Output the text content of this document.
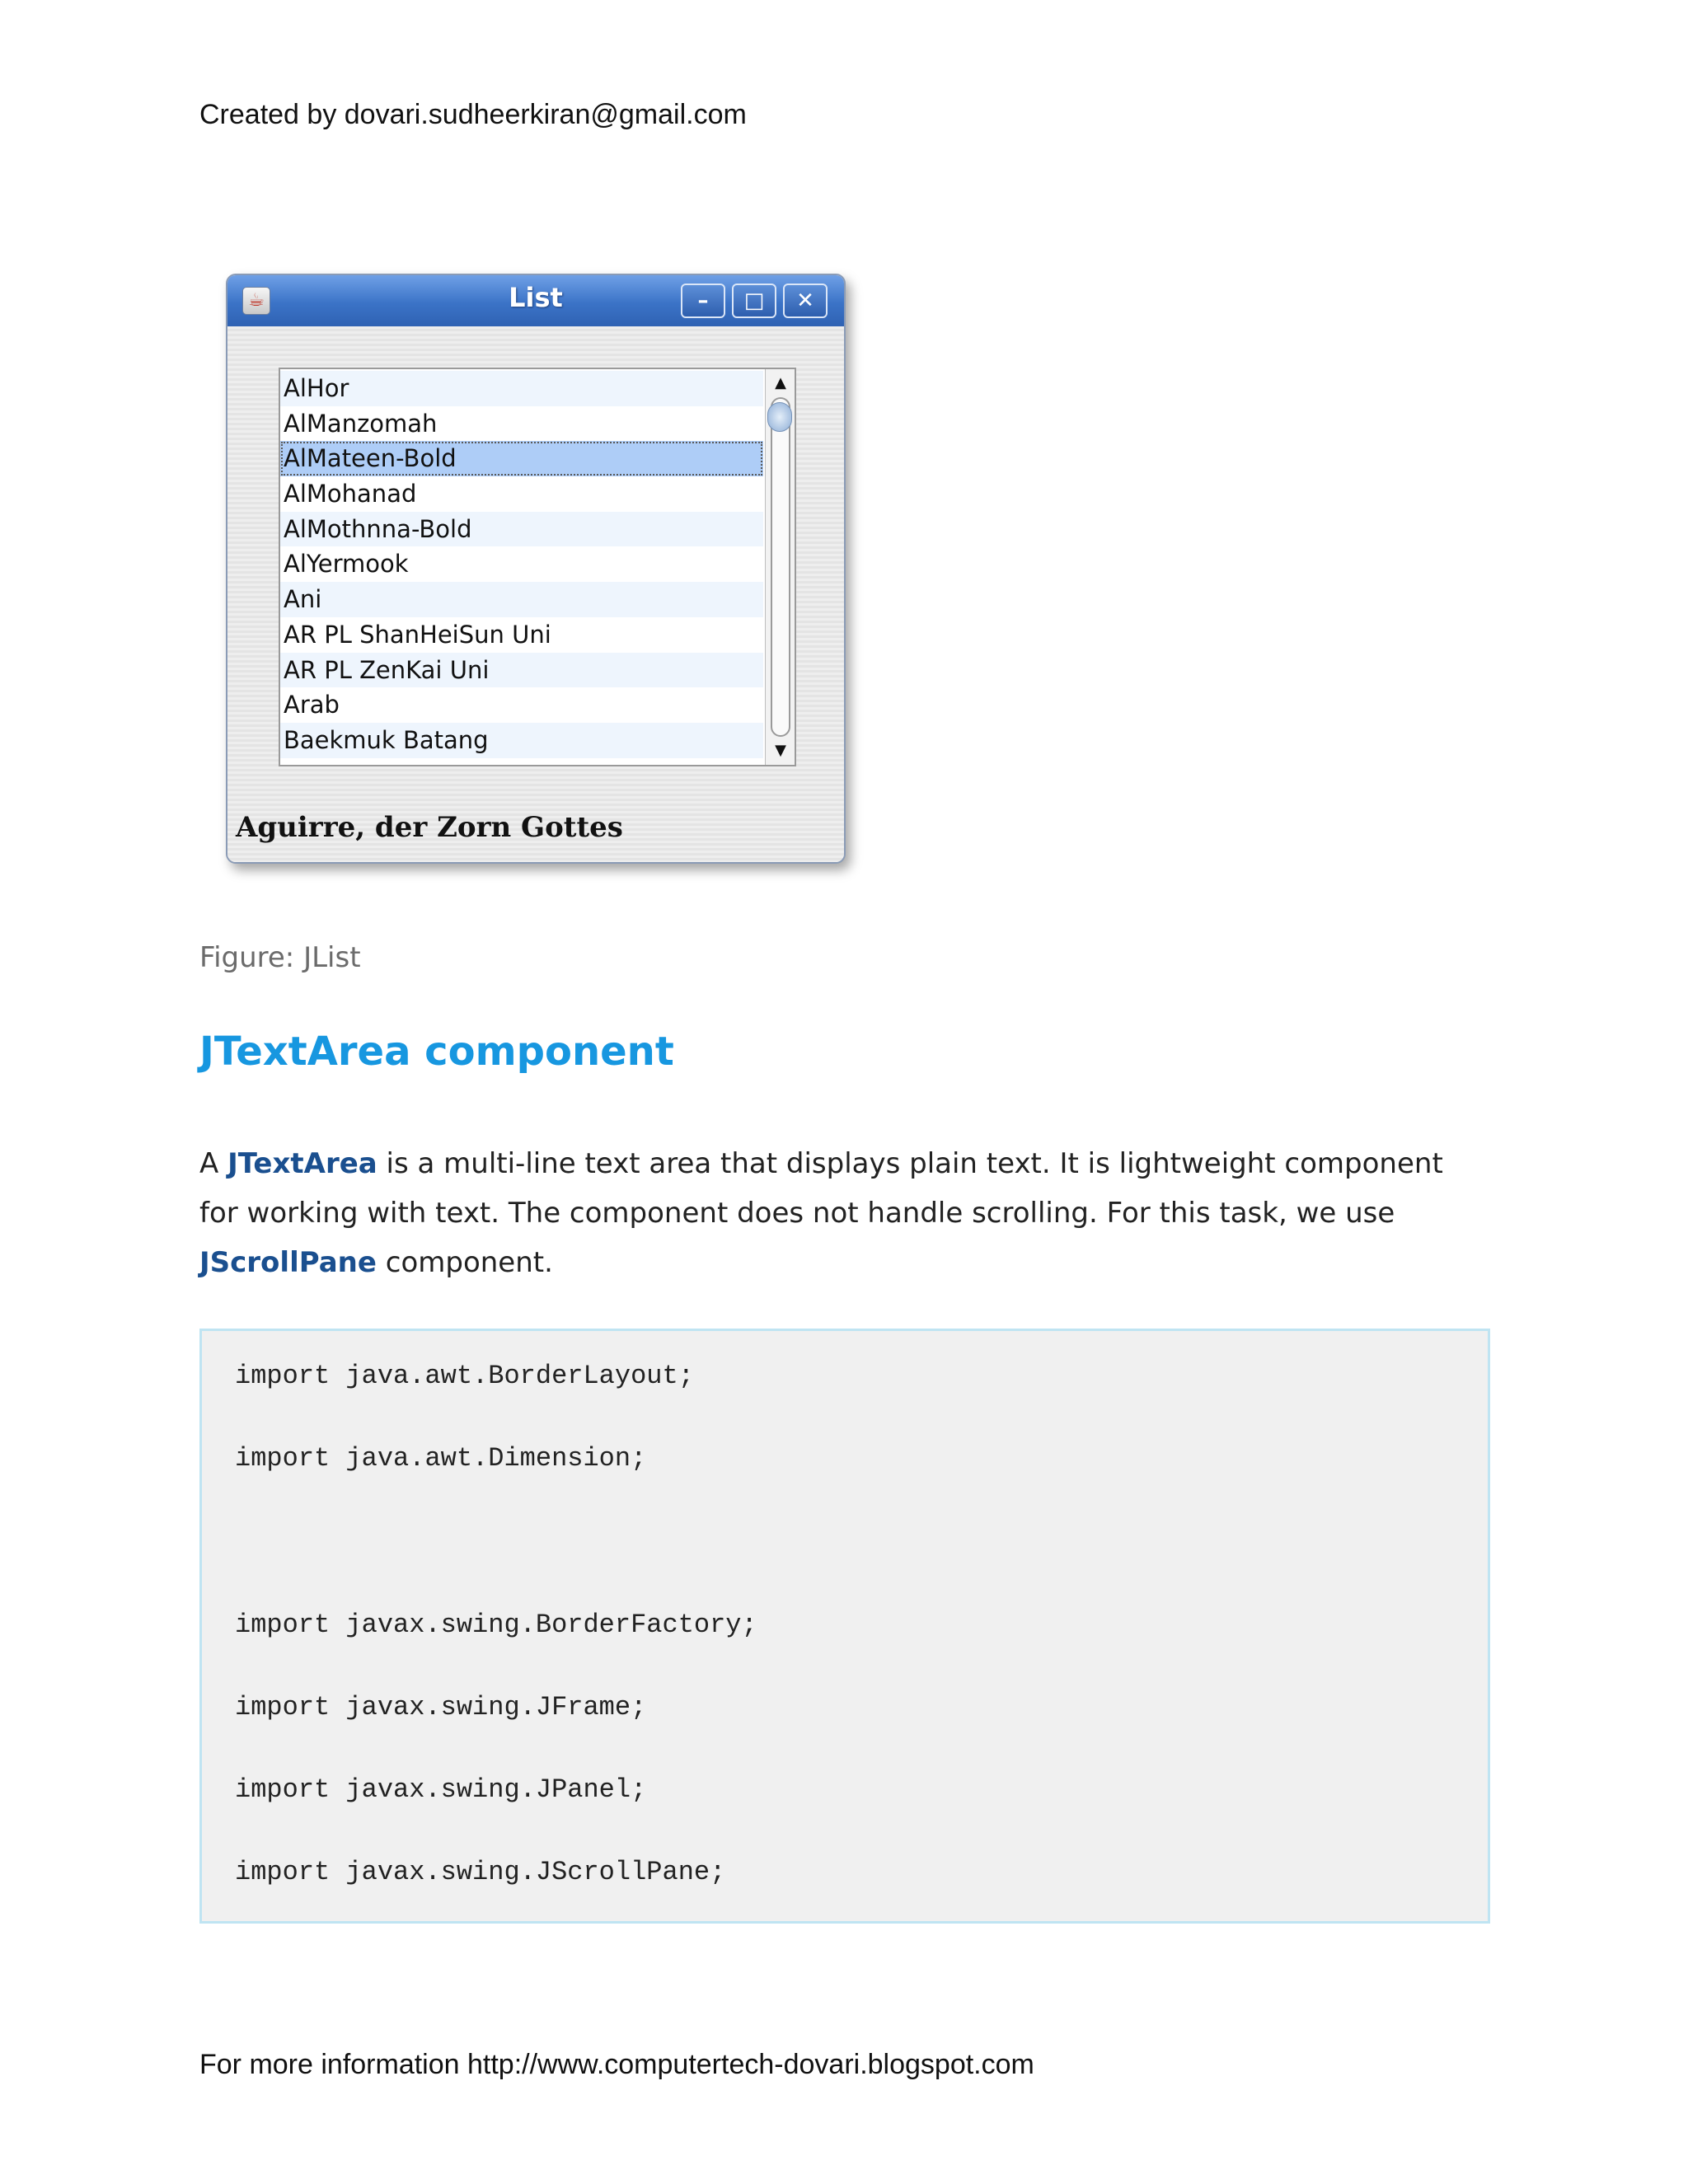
Created by dovari.sudheerkiran@gmail.com
☕	List	–	□	✕
AlHor
AlManzomah
AlMateen-Bold
AlMohanad
AlMothnna-Bold
AlYermook
Ani
AR PL ShanHeiSun Uni
AR PL ZenKai Uni
Arab
Baekmuk Batang
▲
▼
Aguirre, der Zorn Gottes
Figure: JList
JTextArea component
A JTextArea is a multi-line text area that displays plain text. It is lightweight component for working with text. The component does not handle scrolling. For this task, we use JScrollPane component.
import java.awt.BorderLayout;
import java.awt.Dimension;
import javax.swing.BorderFactory;
import javax.swing.JFrame;
import javax.swing.JPanel;
import javax.swing.JScrollPane;
For more information http://www.computertech-dovari.blogspot.com
